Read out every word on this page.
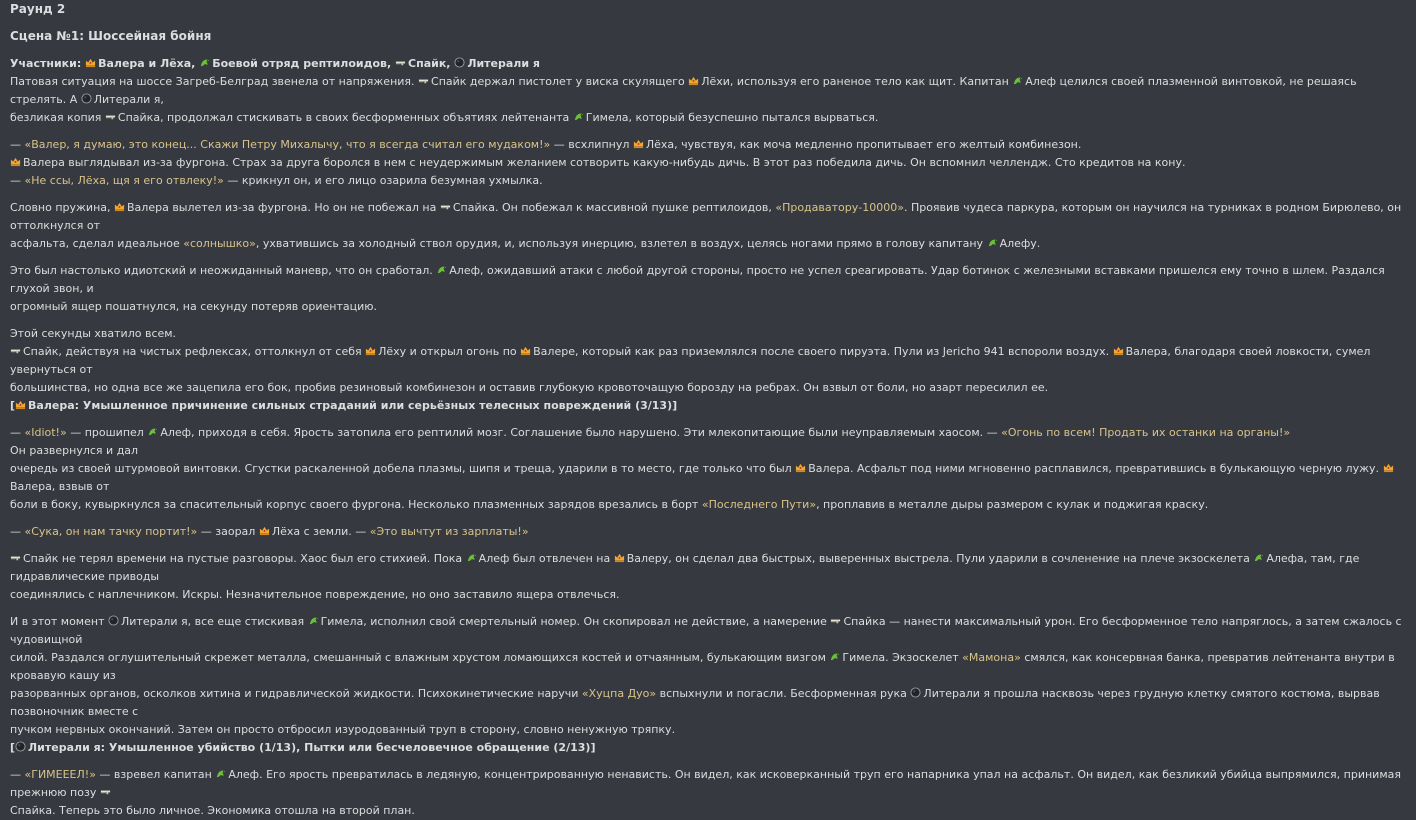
Раунд 2
Сцена №1: Шоссейная бойня
Участники: Валера и Лёха, Боевой отряд рептилоидов, Спайк, Литерали я
Патовая ситуация на шоссе Загреб-Белград звенела от напряжения.
Спайк держал пистолет у виска скулящего
Лёхи, используя его раненое тело как щит. Капитан
Алеф целился своей плазменной винтовкой, не решаясь стрелять. А
Литерали я,
безликая копия
Спайка, продолжал стискивать в своих бесформенных объятиях лейтенанта
Гимела, который безуспешно пытался вырваться.
— «Валер, я думаю, это конец... Скажи Петру Михалычу, что я всегда считал его мудаком!» — всхлипнул
Лёха, чувствуя, как моча медленно пропитывает его желтый комбинезон.

Валера выглядывал из-за фургона. Страх за друга боролся в нем с неудержимым желанием сотворить какую-нибудь дичь. В этот раз победила дичь. Он вспомнил челлендж. Сто кредитов на кону.
— «Не ссы, Лёха, щя я его отвлеку!» — крикнул он, и его лицо озарила безумная ухмылка.
Словно пружина,
Валера вылетел из-за фургона. Но он не побежал на
Спайка. Он побежал к массивной пушке рептилоидов, «Продаватору-10000». Проявив чудеса паркура, которым он научился на турниках в родном Бирюлево, он оттолкнулся от
асфальта, сделал идеальное «солнышко», ухватившись за холодный ствол орудия, и, используя инерцию, взлетел в воздух, целясь ногами прямо в голову капитану
Алефу.
Это был настолько идиотский и неожиданный маневр, что он сработал.
Алеф, ожидавший атаки с любой другой стороны, просто не успел среагировать. Удар ботинок с железными вставками пришелся ему точно в шлем. Раздался глухой звон, и
огромный ящер пошатнулся, на секунду потеряв ориентацию.
Этой секунды хватило всем.

Спайк, действуя на чистых рефлексах, оттолкнул от себя
Лёху и открыл огонь по
Валере, который как раз приземлялся после своего пируэта. Пули из Jericho 941 вспороли воздух.
Валера, благодаря своей ловкости, сумел увернуться от
большинства, но одна все же зацепила его бок, пробив резиновый комбинезон и оставив глубокую кровоточащую борозду на ребрах. Он взвыл от боли, но азарт пересилил ее.
[ Валера: Умышленное причинение сильных страданий или серьёзных телесных повреждений (3/13)]
— «Idiot!» — прошипел
Алеф, приходя в себя. Ярость затопила его рептилий мозг. Соглашение было нарушено. Эти млекопитающие были неуправляемым хаосом. — «Огонь по всем! Продать их останки на органы!»
Он развернулся и дал
очередь из своей штурмовой винтовки. Сгустки раскаленной добела плазмы, шипя и треща, ударили в то место, где только что был
Валера. Асфальт под ними мгновенно расплавился, превратившись в булькающую черную лужу.
Валера, взвыв от
боли в боку, кувыркнулся за спасительный корпус своего фургона. Несколько плазменных зарядов врезались в борт «Последнего Пути», проплавив в металле дыры размером с кулак и поджигая краску.
— «Сука, он нам тачку портит!» — заорал
Лёха с земли. — «Это вычтут из зарплаты!»
Спайк не терял времени на пустые разговоры. Хаос был его стихией. Пока
Алеф был отвлечен на
Валеру, он сделал два быстрых, выверенных выстрела. Пули ударили в сочленение на плече экзоскелета
Алефа, там, где гидравлические приводы
соединялись с наплечником. Искры. Незначительное повреждение, но оно заставило ящера отвлечься.
И в этот момент
Литерали я, все еще стискивая
Гимела, исполнил свой смертельный номер. Он скопировал не действие, а намерение
Спайка — нанести максимальный урон. Его бесформенное тело напряглось, а затем сжалось с чудовищной
силой. Раздался оглушительный скрежет металла, смешанный с влажным хрустом ломающихся костей и отчаянным, булькающим визгом
Гимела. Экзоскелет «Мамона» смялся, как консервная банка, превратив лейтенанта внутри в кровавую кашу из
разорванных органов, осколков хитина и гидравлической жидкости. Психокинетические наручи «Хуцпа Дуо» вспыхнули и погасли. Бесформенная рука
Литерали я прошла насквозь через грудную клетку смятого костюма, вырвав позвоночник вместе с
пучком нервных окончаний. Затем он просто отбросил изуродованный труп в сторону, словно ненужную тряпку.
[ Литерали я: Умышленное убийство (1/13), Пытки или бесчеловечное обращение (2/13)]
— «ГИМЕЕЕЛ!» — взревел капитан
Алеф. Его ярость превратилась в ледяную, концентрированную ненависть. Он видел, как исковерканный труп его напарника упал на асфальт. Он видел, как безликий убийца выпрямился, принимая прежнюю позу

Спайка. Теперь это было личное. Экономика отошла на второй план.
